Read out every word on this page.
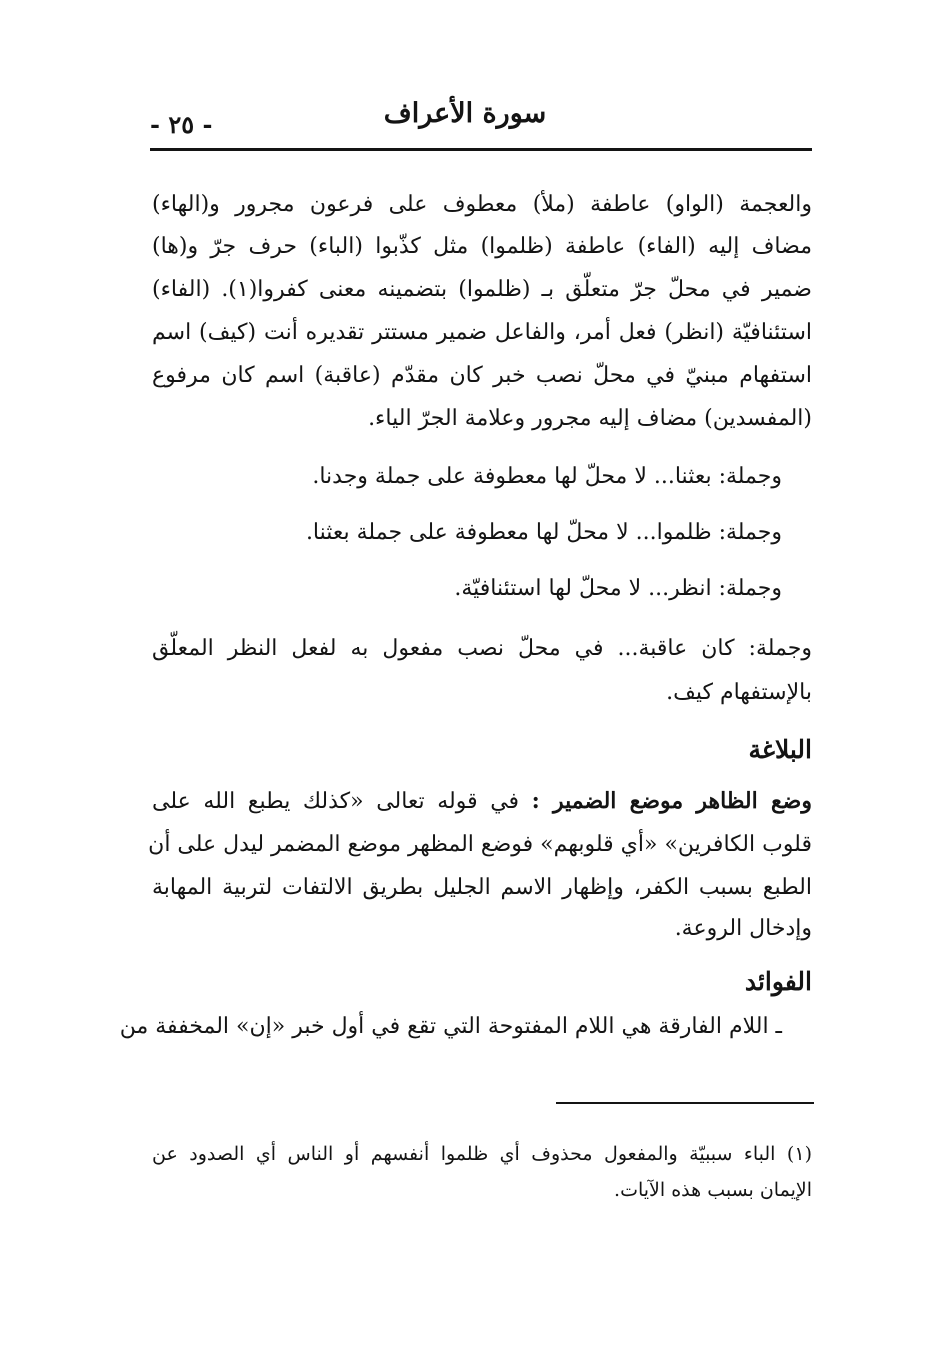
سورة الأعراف
- ٢٥ -
والعجمة (الواو) عاطفة (ملأ) معطوف على فرعون مجرور و(الهاء)
مضاف إليه (الفاء) عاطفة (ظلموا) مثل كذّبوا (الباء) حرف جرّ و(ها)
ضمير في محلّ جرّ متعلّق بـ (ظلموا) بتضمينه معنى كفروا(١). (الفاء)
استئنافيّة (انظر) فعل أمر، والفاعل ضمير مستتر تقديره أنت (كيف) اسم
استفهام مبنيّ في محلّ نصب خبر كان مقدّم (عاقبة) اسم كان مرفوع
(المفسدين) مضاف إليه مجرور وعلامة الجرّ الياء.
وجملة: بعثنا... لا محلّ لها معطوفة على جملة وجدنا.
وجملة: ظلموا... لا محلّ لها معطوفة على جملة بعثنا.
وجملة: انظر... لا محلّ لها استئنافيّة.
وجملة: كان عاقبة... في محلّ نصب مفعول به لفعل النظر المعلّق
بالإستفهام كيف.
البلاغة
وضع الظاهر موضع الضمير : في قوله تعالى «كذلك يطبع الله على
قلوب الكافرين» «أي قلوبهم» فوضع المظهر موضع المضمر ليدل على أن
الطبع بسبب الكفر، وإظهار الاسم الجليل بطريق الالتفات لتربية المهابة
وإدخال الروعة.
الفوائد
ـ اللام الفارقة هي اللام المفتوحة التي تقع في أول خبر «إن» المخففة من
(١) الباء سببيّة والمفعول محذوف أي ظلموا أنفسهم أو الناس أي الصدود عن
الإيمان بسبب هذه الآيات.
